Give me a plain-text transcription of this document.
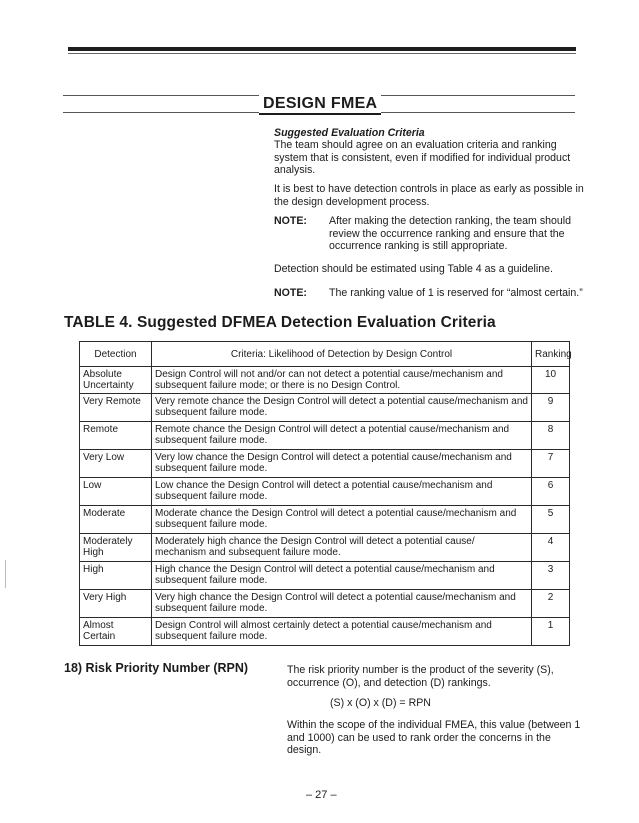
DESIGN FMEA
Suggested Evaluation Criteria
The team should agree on an evaluation criteria and ranking system that is consistent, even if modified for individual product analysis.
It is best to have detection controls in place as early as possible in the design development process.
NOTE: After making the detection ranking, the team should review the occurrence ranking and ensure that the occurrence ranking is still appropriate.
Detection should be estimated using Table 4 as a guideline.
NOTE: The ranking value of 1 is reserved for “almost certain.”
TABLE 4. Suggested DFMEA Detection Evaluation Criteria
Detection	Criteria: Likelihood of Detection by Design Control	Ranking
Absolute Uncertainty	Design Control will not and/or can not detect a potential cause/mechanism and subsequent failure mode; or there is no Design Control.	10
Very Remote	Very remote chance the Design Control will detect a potential cause/mechanism and subsequent failure mode.	9
Remote	Remote chance the Design Control will detect a potential cause/mechanism and subsequent failure mode.	8
Very Low	Very low chance the Design Control will detect a potential cause/mechanism and subsequent failure mode.	7
Low	Low chance the Design Control will detect a potential cause/mechanism and subsequent failure mode.	6
Moderate	Moderate chance the Design Control will detect a potential cause/mechanism and subsequent failure mode.	5
Moderately High	Moderately high chance the Design Control will detect a potential cause/ mechanism and subsequent failure mode.	4
High	High chance the Design Control will detect a potential cause/mechanism and subsequent failure mode.	3
Very High	Very high chance the Design Control will detect a potential cause/mechanism and subsequent failure mode.	2
Almost Certain	Design Control will almost certainly detect a potential cause/mechanism and subsequent failure mode.	1
18) Risk Priority Number (RPN)	The risk priority number is the product of the severity (S), occurrence (O), and detection (D) rankings.
(S) x (O) x (D) = RPN
Within the scope of the individual FMEA, this value (between 1 and 1000) can be used to rank order the concerns in the design.
– 27 –
